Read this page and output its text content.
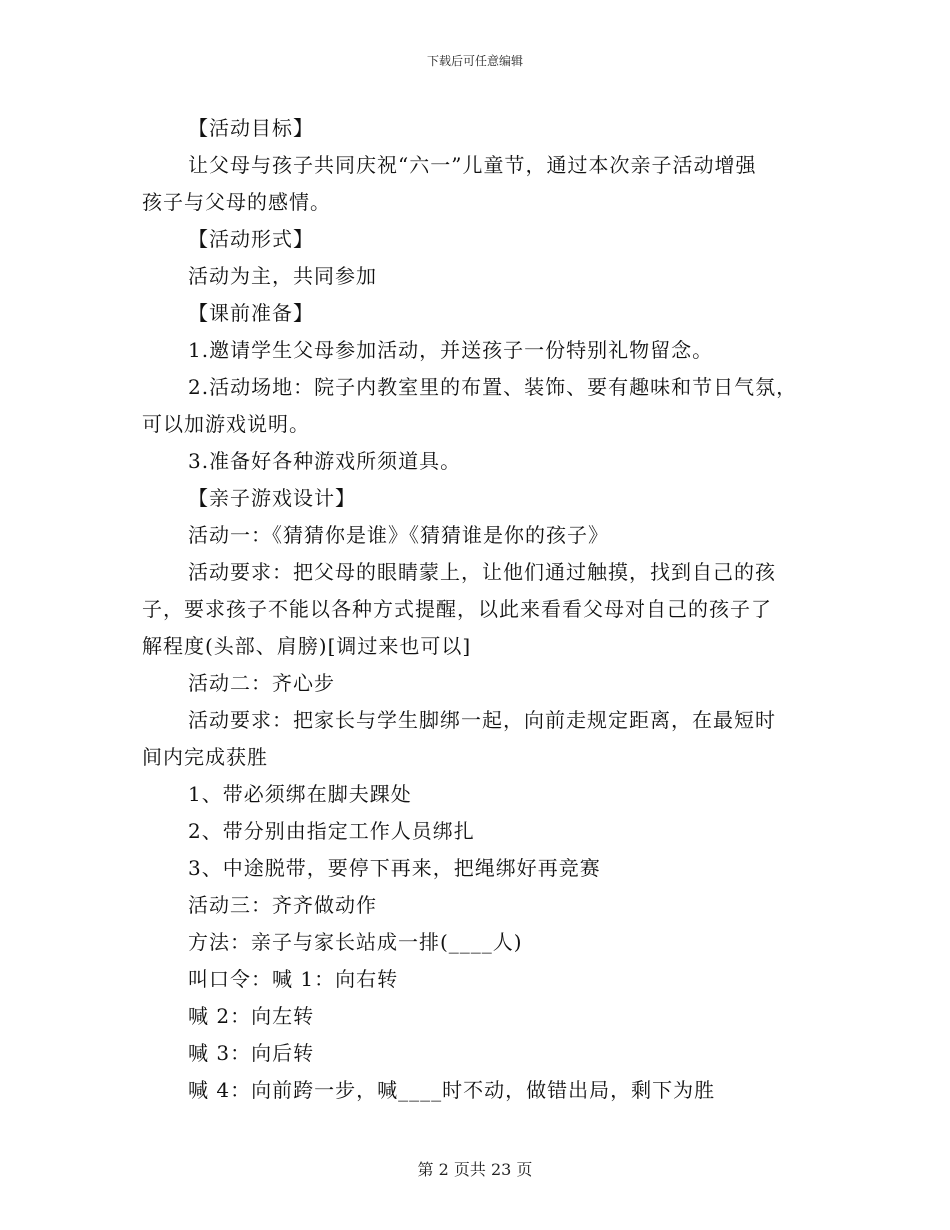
下载后可任意编辑
【活动目标】
让父母与孩子共同庆祝“六一”儿童节，通过本次亲子活动增强
孩子与父母的感情。
【活动形式】
活动为主，共同参加
【课前准备】
1.邀请学生父母参加活动，并送孩子一份特别礼物留念。
2.活动场地：院子内教室里的布置、装饰、要有趣味和节日气氛，
可以加游戏说明。
3.准备好各种游戏所须道具。
【亲子游戏设计】
活动一：《猜猜你是谁》《猜猜谁是你的孩子》
活动要求：把父母的眼睛蒙上，让他们通过触摸，找到自己的孩
子，要求孩子不能以各种方式提醒，以此来看看父母对自己的孩子了
解程度(头部、肩膀)[调过来也可以]
活动二：齐心步
活动要求：把家长与学生脚绑一起，向前走规定距离，在最短时
间内完成获胜
1、带必须绑在脚夫踝处
2、带分别由指定工作人员绑扎
3、中途脱带，要停下再来，把绳绑好再竞赛
活动三：齐齐做动作
方法：亲子与家长站成一排(____人)
叫口令：喊 1：向右转
喊 2：向左转
喊 3：向后转
喊 4：向前跨一步，喊____时不动，做错出局，剩下为胜
第 2 页共 23 页
